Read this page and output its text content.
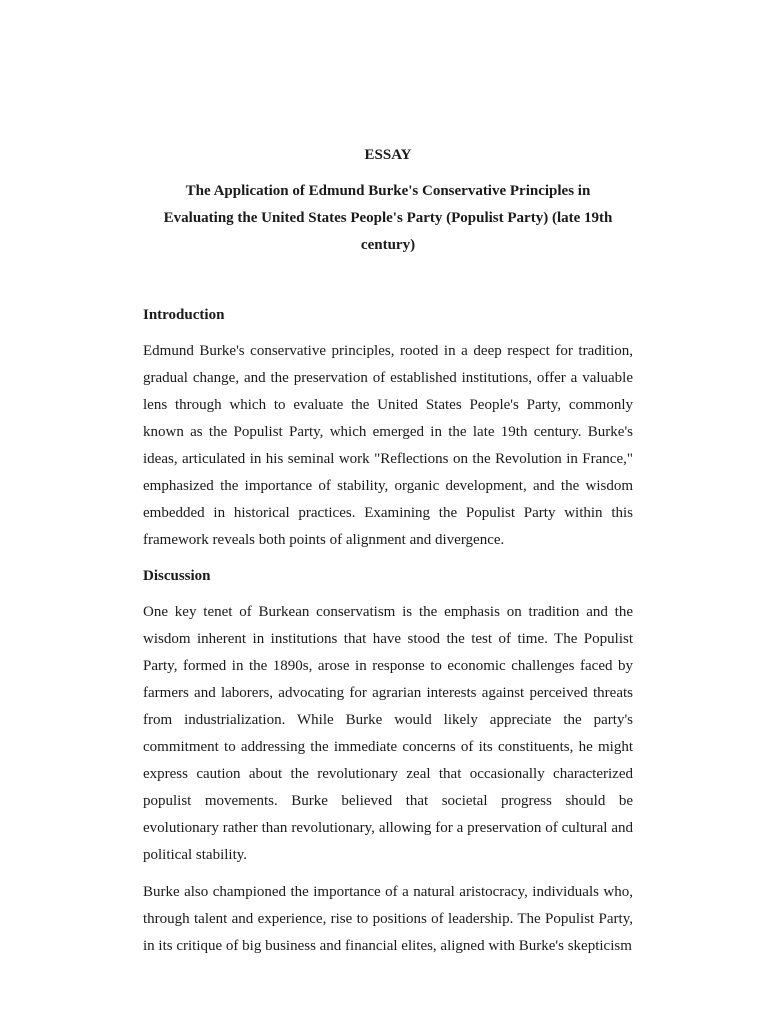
ESSAY

The Application of Edmund Burke's Conservative Principles in Evaluating the United States People's Party (Populist Party) (late 19th century)

Introduction

Edmund Burke's conservative principles, rooted in a deep respect for tradition, gradual change, and the preservation of established institutions, offer a valuable lens through which to evaluate the United States People's Party, commonly known as the Populist Party, which emerged in the late 19th century. Burke's ideas, articulated in his seminal work "Reflections on the Revolution in France," emphasized the importance of stability, organic development, and the wisdom embedded in historical practices. Examining the Populist Party within this framework reveals both points of alignment and divergence.

Discussion

One key tenet of Burkean conservatism is the emphasis on tradition and the wisdom inherent in institutions that have stood the test of time. The Populist Party, formed in the 1890s, arose in response to economic challenges faced by farmers and laborers, advocating for agrarian interests against perceived threats from industrialization. While Burke would likely appreciate the party's commitment to addressing the immediate concerns of its constituents, he might express caution about the revolutionary zeal that occasionally characterized populist movements. Burke believed that societal progress should be evolutionary rather than revolutionary, allowing for a preservation of cultural and political stability.

Burke also championed the importance of a natural aristocracy, individuals who, through talent and experience, rise to positions of leadership. The Populist Party, in its critique of big business and financial elites, aligned with Burke's skepticism
